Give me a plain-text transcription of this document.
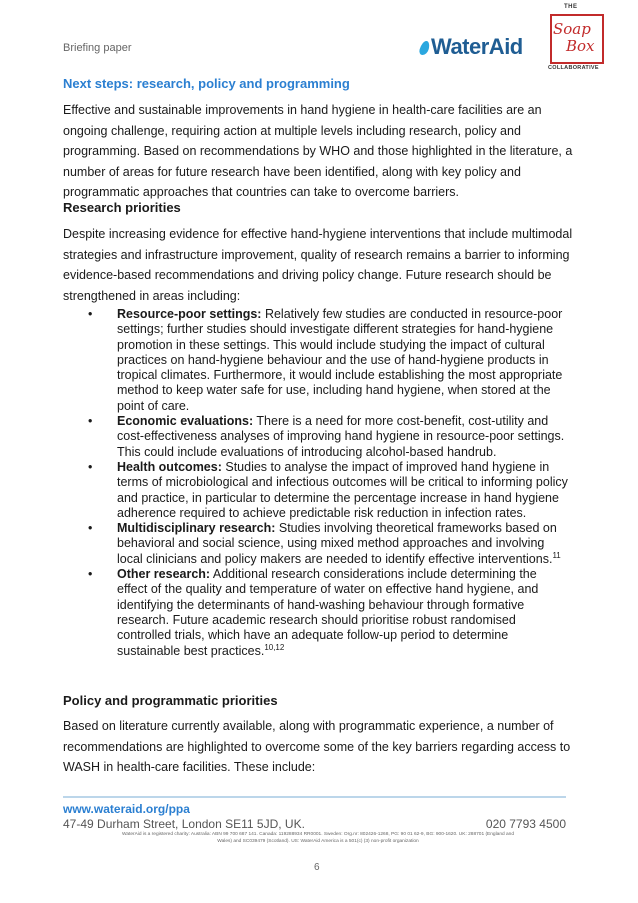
Briefing paper	WaterAid
THE
Soap
Box
COLLABORATIVE
Next steps: research, policy and programming

Effective and sustainable improvements in hand hygiene in health-care facilities are an ongoing challenge, requiring action at multiple levels including research, policy and programming. Based on recommendations by WHO and those highlighted in the literature, a number of areas for future research have been identified, along with key policy and programmatic approaches that countries can take to overcome barriers.

Research priorities

Despite increasing evidence for effective hand-hygiene interventions that include multimodal strategies and infrastructure improvement, quality of research remains a barrier to informing evidence-based recommendations and driving policy change. Future research should be strengthened in areas including:

• Resource-poor settings: Relatively few studies are conducted in resource-poor settings; further studies should investigate different strategies for hand-hygiene promotion in these settings. This would include studying the impact of cultural practices on hand-hygiene behaviour and the use of hand-hygiene products in tropical climates. Furthermore, it would include establishing the most appropriate method to keep water safe for use, including hand hygiene, when stored at the point of care.
• Economic evaluations: There is a need for more cost-benefit, cost-utility and cost-effectiveness analyses of improving hand hygiene in resource-poor settings. This could include evaluations of introducing alcohol-based handrub.
• Health outcomes: Studies to analyse the impact of improved hand hygiene in terms of microbiological and infectious outcomes will be critical to informing policy and practice, in particular to determine the percentage increase in hand hygiene adherence required to achieve predictable risk reduction in infection rates.
• Multidisciplinary research: Studies involving theoretical frameworks based on behavioral and social science, using mixed method approaches and involving local clinicians and policy makers are needed to identify effective interventions.$^{11}$
• Other research: Additional research considerations include determining the effect of the quality and temperature of water on effective hand hygiene, and identifying the determinants of hand-washing behaviour through formative research. Future academic research should prioritise robust randomised controlled trials, which have an adequate follow-up period to determine sustainable best practices.$^{10,12}$
Policy and programmatic priorities

Based on literature currently available, along with programmatic experience, a number of recommendations are highlighted to overcome some of the key barriers regarding access to WASH in health-care facilities. These include:

www.wateraid.org/ppa
47-49 Durham Street, London SE11 5JD, UK.	020 7793 4500
WaterAid is a registered charity: Australia: ABN 99 700 687 141. Canada: 119288934 RR0001. Sweden: Org.nr: 802426-1268, PG: 90 01 62-9, BG: 900-1620. UK: 288701 (England and Wales) and SC039479 (Scotland). US: WaterAid America is a 501(c) (3) non-profit organization
6
